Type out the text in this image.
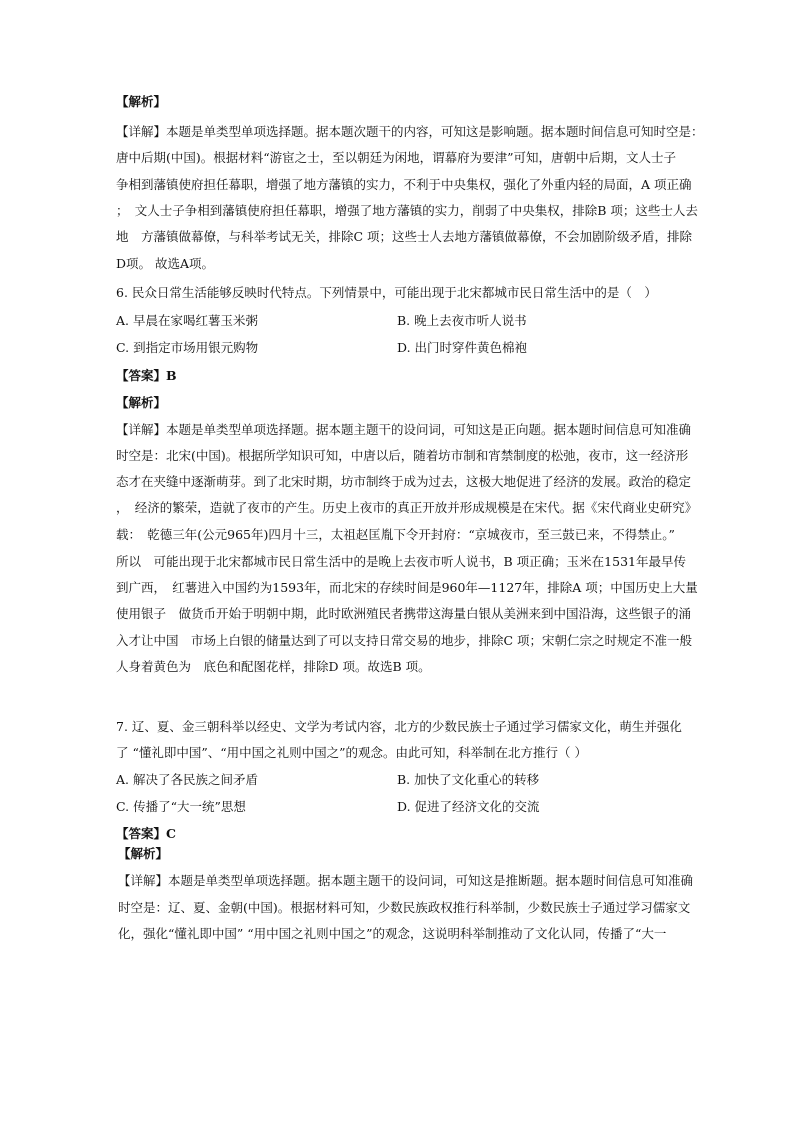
【解析】
【详解】本题是单类型单项选择题。据本题次题干的内容，可知这是影响题。据本题时间信息可知时空是：
唐中后期(中国)。根据材料“游宦之士，至以朝廷为闲地，谓幕府为要津”可知，唐朝中后期，文人士子
争相到藩镇使府担任幕职，增强了地方藩镇的实力，不利于中央集权，强化了外重内轻的局面，A 项正确
；　文人士子争相到藩镇使府担任幕职，增强了地方藩镇的实力，削弱了中央集权，排除B 项；这些士人去
地　方藩镇做幕僚，与科举考试无关，排除C 项；这些士人去地方藩镇做幕僚，不会加剧阶级矛盾，排除
D项。 故选A项。
6. 民众日常生活能够反映时代特点。下列情景中，可能出现于北宋都城市民日常生活中的是（　）
A. 早晨在家喝红薯玉米粥	B. 晚上去夜市听人说书
C. 到指定市场用银元购物	D. 出门时穿件黄色棉袍
【答案】B
【解析】
【详解】本题是单类型单项选择题。据本题主题干的设问词，可知这是正向题。据本题时间信息可知准确
时空是：北宋(中国)。根据所学知识可知，中唐以后，随着坊市制和宵禁制度的松弛，夜市，这一经济形
态才在夹缝中逐渐萌芽。到了北宋时期，坊市制终于成为过去，这极大地促进了经济的发展。政治的稳定
，　经济的繁荣，造就了夜市的产生。历史上夜市的真正开放并形成规模是在宋代。据《宋代商业史研究》
载：　乾德三年(公元965年)四月十三，太祖赵匡胤下令开封府：“京城夜市，至三鼓已来，不得禁止。”
所以　可能出现于北宋都城市民日常生活中的是晚上去夜市听人说书，B 项正确；玉米在1531年最早传
到广西，　红薯进入中国约为1593年，而北宋的存续时间是960年—1127年，排除A 项；中国历史上大量
使用银子　做货币开始于明朝中期，此时欧洲殖民者携带这海量白银从美洲来到中国沿海，这些银子的涌
入才让中国　市场上白银的储量达到了可以支持日常交易的地步，排除C 项；宋朝仁宗之时规定不准一般
人身着黄色为　底色和配图花样，排除D 项。故选B 项。
7. 辽、夏、金三朝科举以经史、文学为考试内容，北方的少数民族士子通过学习儒家文化，萌生并强化
了 “懂礼即中国”、“用中国之礼则中国之”的观念。由此可知，科举制在北方推行（ ）
A. 解决了各民族之间矛盾	B. 加快了文化重心的转移
C. 传播了“大一统”思想	D. 促进了经济文化的交流
【答案】C
【解析】
【详解】本题是单类型单项选择题。据本题主题干的设问词，可知这是推断题。据本题时间信息可知准确
时空是：辽、夏、金朝(中国)。根据材料可知，少数民族政权推行科举制，少数民族士子通过学习儒家文
化，强化“懂礼即中国” “用中国之礼则中国之”的观念，这说明科举制推动了文化认同，传播了“大一
